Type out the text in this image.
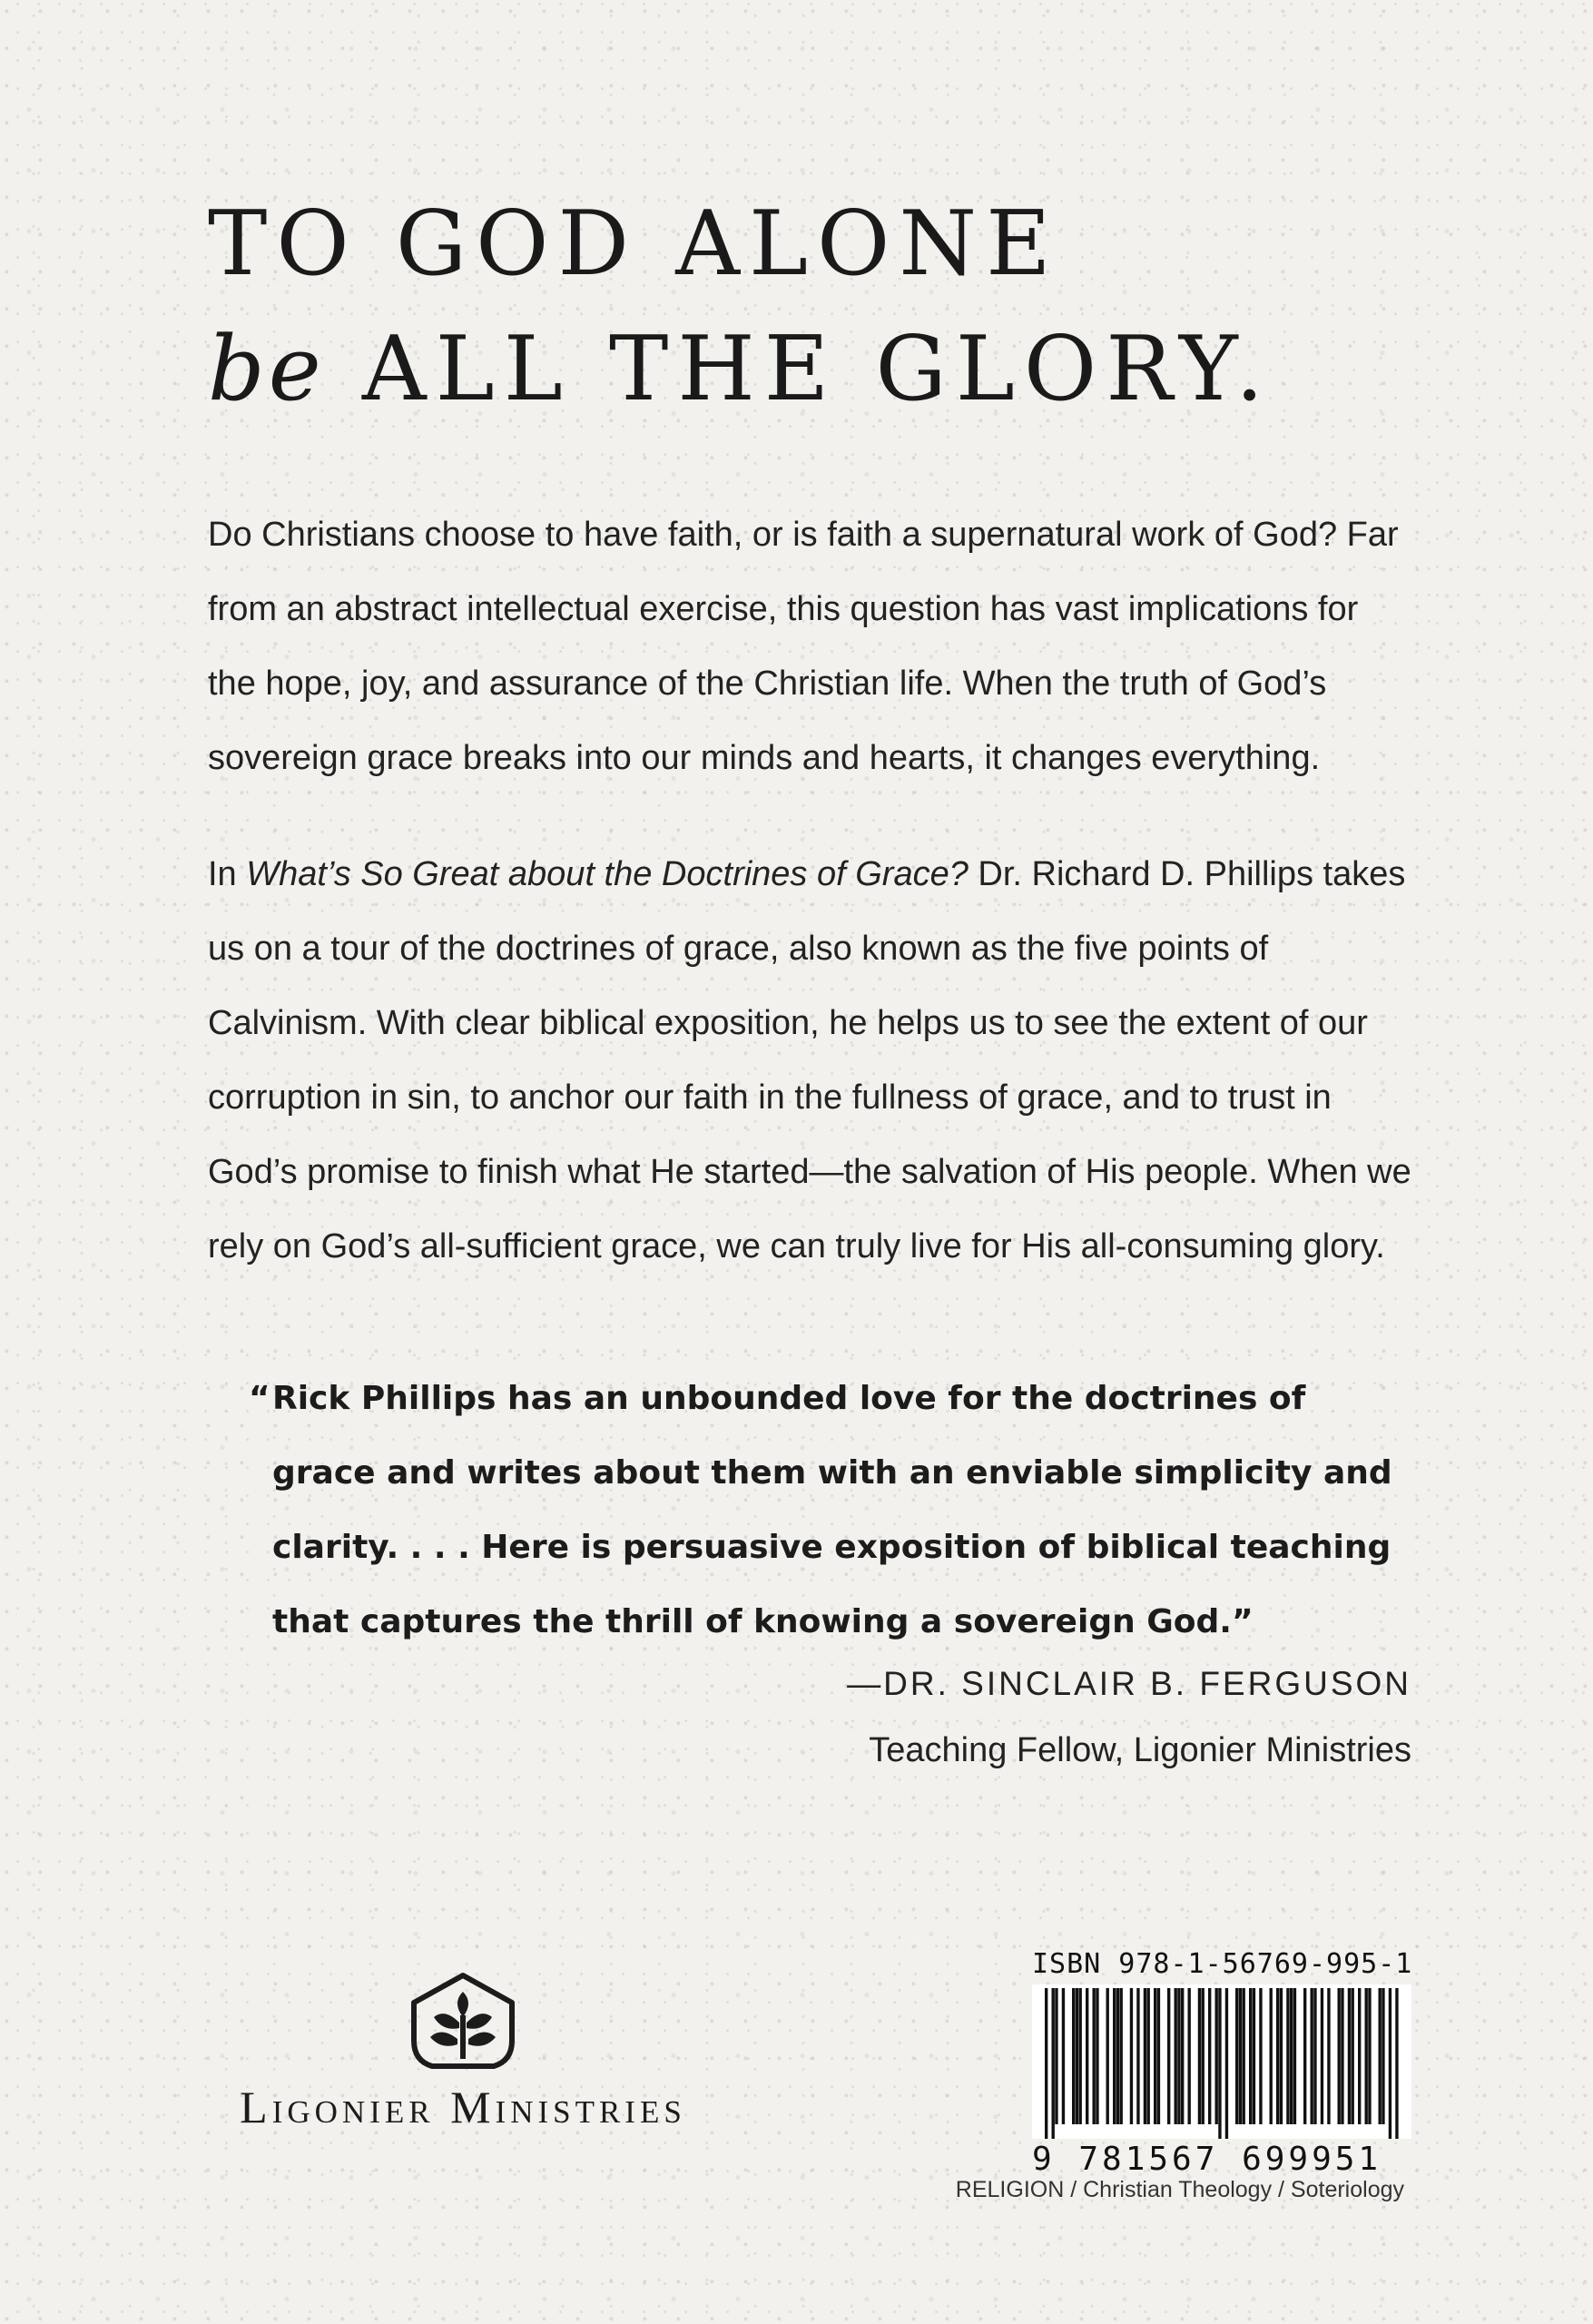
TO GOD ALONE
be ALL THE GLORY.

Do Christians choose to have faith, or is faith a supernatural work of God? Far from an abstract intellectual exercise, this question has vast implications for the hope, joy, and assurance of the Christian life. When the truth of God’s sovereign grace breaks into our minds and hearts, it changes everything.

In What’s So Great about the Doctrines of Grace? Dr. Richard D. Phillips takes us on a tour of the doctrines of grace, also known as the five points of Calvinism. With clear biblical exposition, he helps us to see the extent of our corruption in sin, to anchor our faith in the fullness of grace, and to trust in God’s promise to finish what He started—the salvation of His people. When we rely on God’s all-sufficient grace, we can truly live for His all-consuming glory.

“ Rick Phillips has an unbounded love for the doctrines of grace and writes about them with an enviable simplicity and clarity. . . . Here is persuasive exposition of biblical teaching that captures the thrill of knowing a sovereign God.”

—DR. SINCLAIR B. FERGUSON
Teaching Fellow, Ligonier Ministries
Ligonier Ministries
ISBN 978-1-56769-995-1
9 781567 699951
RELIGION / Christian Theology / Soteriology
